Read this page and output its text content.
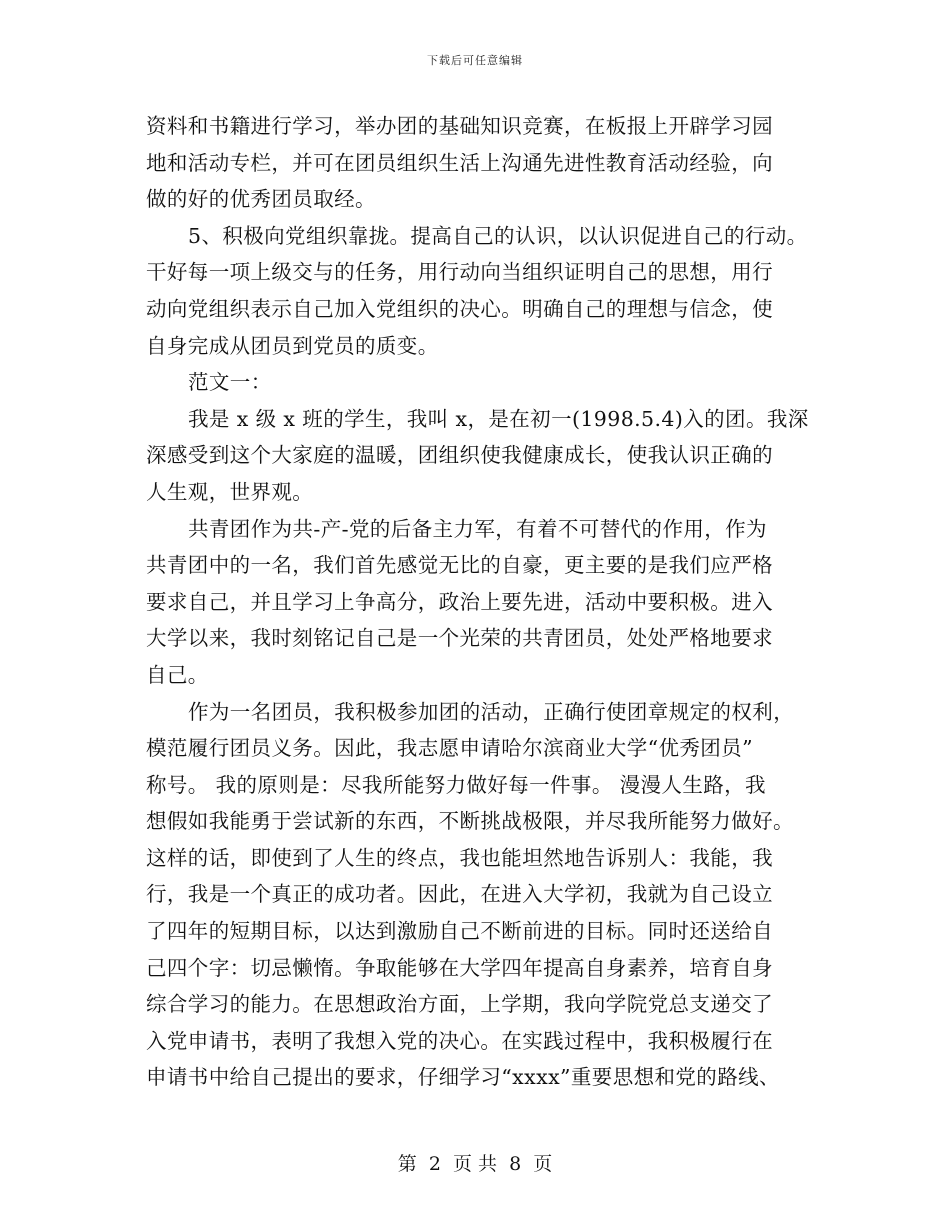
下载后可任意编辑
资料和书籍进行学习，举办团的基础知识竞赛，在板报上开辟学习园
地和活动专栏，并可在团员组织生活上沟通先进性教育活动经验，向
做的好的优秀团员取经。
5、积极向党组织靠拢。提高自己的认识，以认识促进自己的行动。
干好每一项上级交与的任务，用行动向当组织证明自己的思想，用行
动向党组织表示自己加入党组织的决心。明确自己的理想与信念，使
自身完成从团员到党员的质变。
范文一：
我是 x 级 x 班的学生，我叫 x，是在初一(1998.5.4)入的团。我深
深感受到这个大家庭的温暖，团组织使我健康成长，使我认识正确的
人生观，世界观。
共青团作为共-产-党的后备主力军，有着不可替代的作用，作为
共青团中的一名，我们首先感觉无比的自豪，更主要的是我们应严格
要求自己，并且学习上争高分，政治上要先进，活动中要积极。进入
大学以来，我时刻铭记自己是一个光荣的共青团员，处处严格地要求
自己。
作为一名团员，我积极参加团的活动，正确行使团章规定的权利，
模范履行团员义务。因此，我志愿申请哈尔滨商业大学“优秀团员”
称号。 我的原则是：尽我所能努力做好每一件事。 漫漫人生路，我
想假如我能勇于尝试新的东西，不断挑战极限，并尽我所能努力做好。
这样的话，即使到了人生的终点，我也能坦然地告诉别人：我能，我
行，我是一个真正的成功者。因此，在进入大学初，我就为自己设立
了四年的短期目标，以达到激励自己不断前进的目标。同时还送给自
己四个字：切忌懒惰。争取能够在大学四年提高自身素养，培育自身
综合学习的能力。在思想政治方面，上学期，我向学院党总支递交了
入党申请书，表明了我想入党的决心。在实践过程中，我积极履行在
申请书中给自己提出的要求，仔细学习“xxxx”重要思想和党的路线、
第 2 页 共 8 页
